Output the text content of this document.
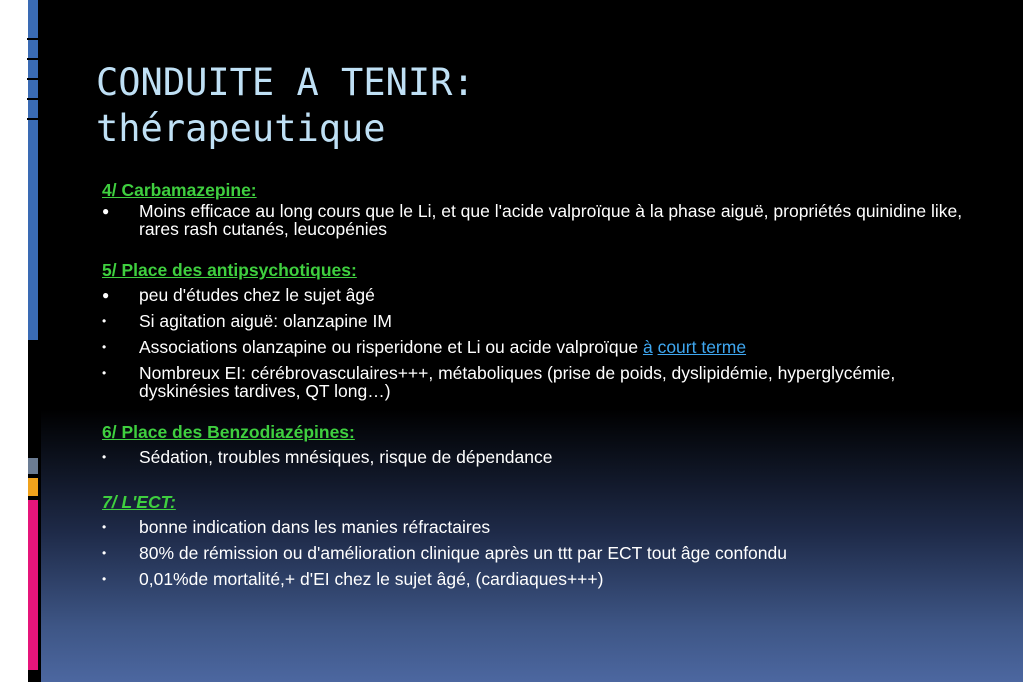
CONDUITE A TENIR:
thérapeutique

4/ Carbamazepine:

● Moins efficace au long cours que le Li, et que l'acide valproïque à la phase aiguë, propriétés quinidine like, rares rash cutanés, leucopénies

5/ Place des antipsychotiques:

● peu d'études chez le sujet âgé
• Si agitation aiguë: olanzapine IM
• Associations olanzapine ou risperidone et Li ou acide valproïque à court terme
• Nombreux EI: cérébrovasculaires+++, métaboliques (prise de poids, dyslipidémie, hyperglycémie, dyskinésies tardives, QT long…)

6/ Place des Benzodiazépines:

• Sédation, troubles mnésiques, risque de dépendance

7/ L'ECT:

• bonne indication dans les manies réfractaires
• 80% de rémission ou d'amélioration clinique après un ttt par ECT tout âge confondu
• 0,01%de mortalité,+ d'EI chez le sujet âgé, (cardiaques+++)
